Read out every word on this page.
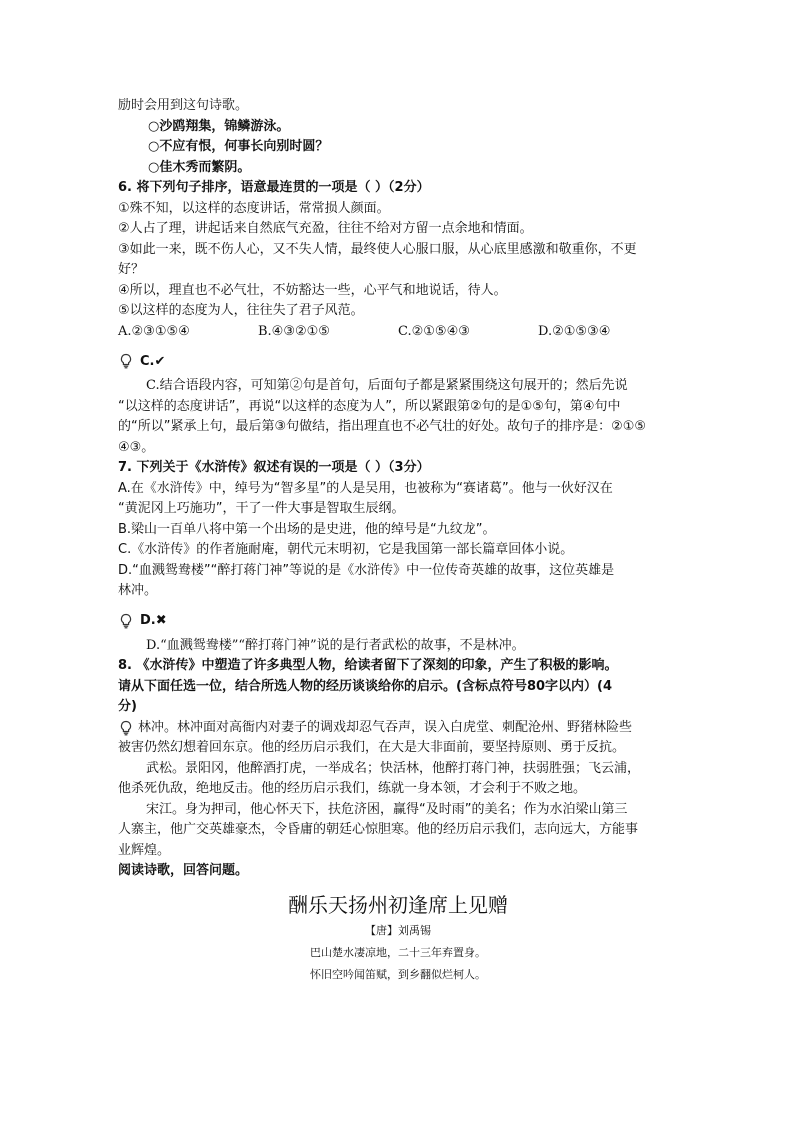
励时会用到这句诗歌。
○沙鸥翔集，锦鳞游泳。
○不应有恨，何事长向别时圆？
○佳木秀而繁阴。
6. 将下列句子排序，语意最连贯的一项是（ ）（2分）
①殊不知，以这样的态度讲话，常常损人颜面。
②人占了理，讲起话来自然底气充盈，往往不给对方留一点余地和情面。
③如此一来，既不伤人心，又不失人情，最终使人心服口服，从心底里感激和敬重你，不更
好？
④所以，理直也不必气壮，不妨豁达一些，心平气和地说话，待人。
⑤以这样的态度为人，往往失了君子风范。
A.②③①⑤④	B.④③②①⑤	C.②①⑤④③	D.②①⑤③④
C.✔
C.结合语段内容，可知第②句是首句，后面句子都是紧紧围绕这句展开的；然后先说
“以这样的态度讲话”，再说“以这样的态度为人”，所以紧跟第②句的是①⑤句，第④句中
的“所以”紧承上句，最后第③句做结，指出理直也不必气壮的好处。故句子的排序是：②①⑤
④③。
7. 下列关于《水浒传》叙述有误的一项是（ ）（3分）
A.在《水浒传》中，绰号为“智多星”的人是吴用，也被称为“赛诸葛”。他与一伙好汉在
“黄泥冈上巧施功”，干了一件大事是智取生辰纲。
B.梁山一百单八将中第一个出场的是史进，他的绰号是“九纹龙”。
C.《水浒传》的作者施耐庵，朝代元末明初，它是我国第一部长篇章回体小说。
D.“血溅鸳鸯楼”“醉打蒋门神”等说的是《水浒传》中一位传奇英雄的故事，这位英雄是
林冲。
D.✖
D.“血溅鸳鸯楼”“醉打蒋门神”说的是行者武松的故事，不是林冲。
8. 《水浒传》中塑造了许多典型人物，给读者留下了深刻的印象，产生了积极的影响。
请从下面任选一位，结合所选人物的经历谈谈给你的启示。(含标点符号80字以内）(4
分)
林冲。林冲面对高衙内对妻子的调戏却忍气吞声，误入白虎堂、刺配沧州、野猪林险些
被害仍然幻想着回东京。他的经历启示我们，在大是大非面前，要坚持原则、勇于反抗。
武松。景阳冈，他醉酒打虎，一举成名；快活林，他醉打蒋门神，扶弱胜强；飞云浦，
他杀死仇敌，绝地反击。他的经历启示我们，练就一身本领，才会利于不败之地。
宋江。身为押司，他心怀天下，扶危济困，赢得“及时雨”的美名；作为水泊梁山第三
人寨主，他广交英雄豪杰，令昏庸的朝廷心惊胆寒。他的经历启示我们，志向远大，方能事
业辉煌。
阅读诗歌，回答问题。
酬乐天扬州初逢席上见赠
【唐】刘禹锡
巴山楚水凄凉地，二十三年弃置身。
怀旧空吟闻笛赋，到乡翻似烂柯人。
